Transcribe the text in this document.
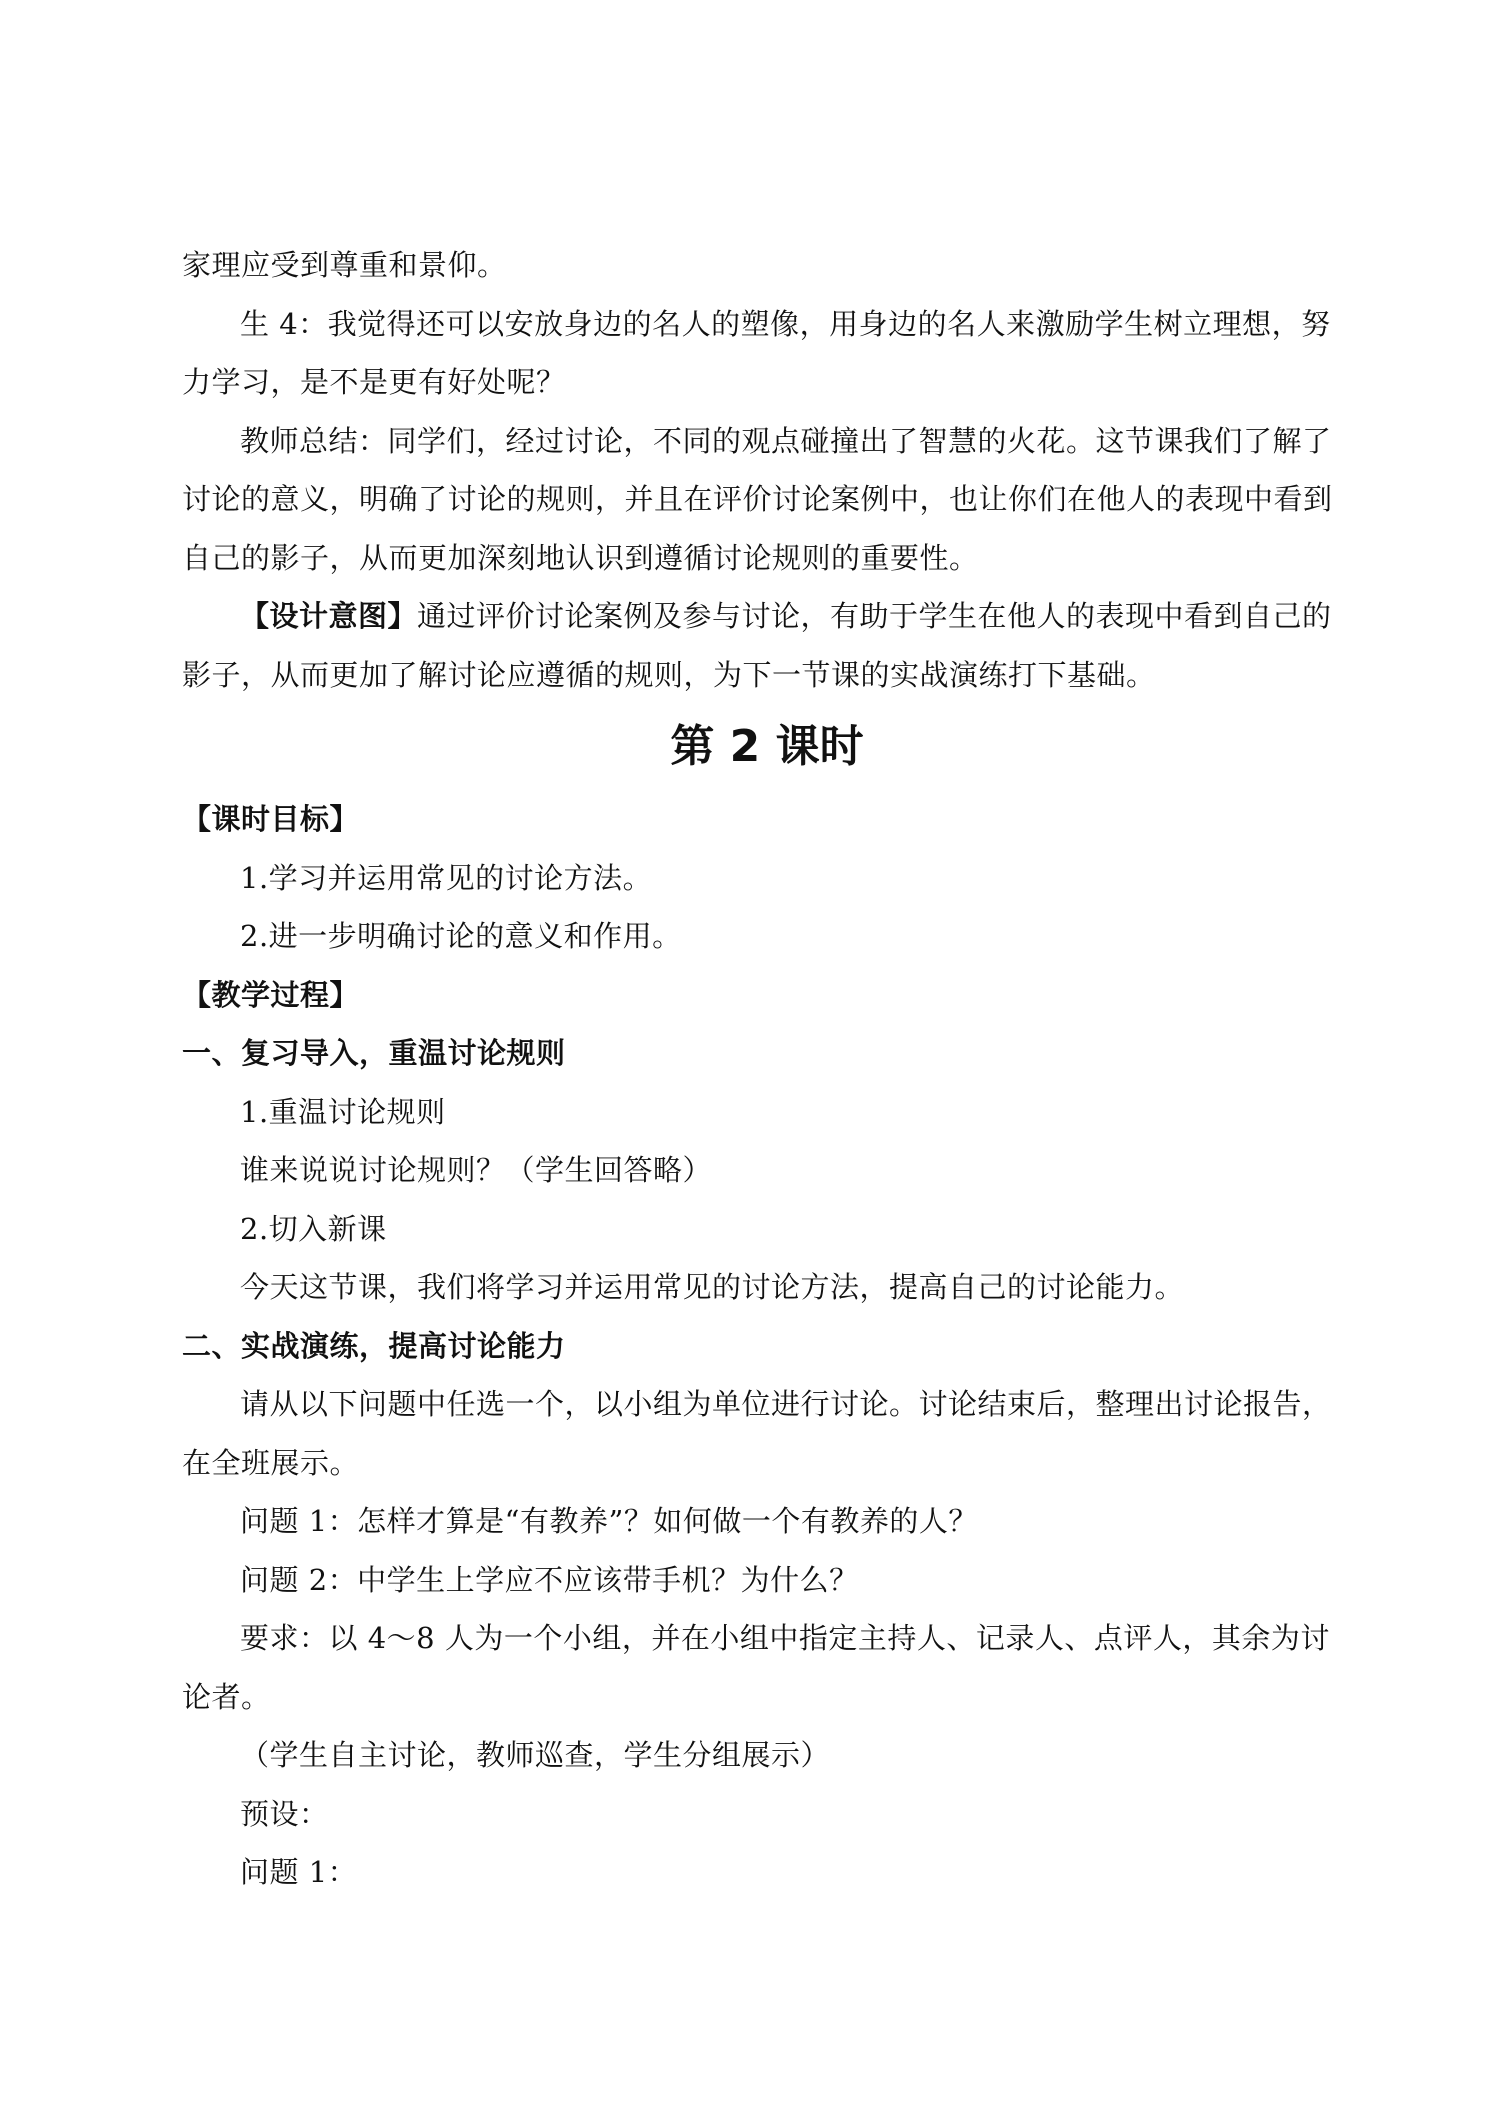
家理应受到尊重和景仰。
生 4：我觉得还可以安放身边的名人的塑像，用身边的名人来激励学生树立理想，努
力学习，是不是更有好处呢？
教师总结：同学们，经过讨论，不同的观点碰撞出了智慧的火花。这节课我们了解了
讨论的意义，明确了讨论的规则，并且在评价讨论案例中，也让你们在他人的表现中看到
自己的影子，从而更加深刻地认识到遵循讨论规则的重要性。
【设计意图】通过评价讨论案例及参与讨论，有助于学生在他人的表现中看到自己的
影子，从而更加了解讨论应遵循的规则，为下一节课的实战演练打下基础。
第 2 课时
【课时目标】
1.学习并运用常见的讨论方法。
2.进一步明确讨论的意义和作用。
【教学过程】
一、复习导入，重温讨论规则
1.重温讨论规则
谁来说说讨论规则？（学生回答略）
2.切入新课
今天这节课，我们将学习并运用常见的讨论方法，提高自己的讨论能力。
二、实战演练，提高讨论能力
请从以下问题中任选一个，以小组为单位进行讨论。讨论结束后，整理出讨论报告，
在全班展示。
问题 1：怎样才算是“有教养”？如何做一个有教养的人？
问题 2：中学生上学应不应该带手机？为什么？
要求：以 4～8 人为一个小组，并在小组中指定主持人、记录人、点评人，其余为讨
论者。
（学生自主讨论，教师巡查，学生分组展示）
预设：
问题 1：
